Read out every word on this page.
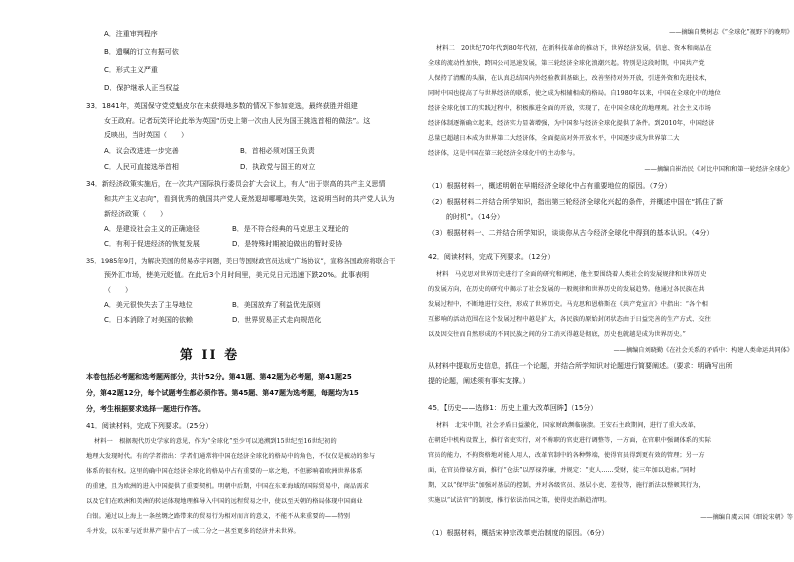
A．注重审判程序
B．遗嘱的订立有据可依
C．形式主义严重
D．保护继承人正当权益
33．1841年，英国保守党党魁皮尔在未获得地多数的情况下参加竞选，最终获胜并组建
女王政府。记者玩笑评论此举为英国“历史上第一次由人民为国王挑选首相的做法”。这
反映出，当时英国（　　）
A．议会改进进一步完善	B．首相必须对国王负责
C．人民可直接选举首相	D．执政党与国王的对立
34．新经济政策实施后，在一次共产国际执行委员会扩大会议上，有人“出于崇高的共产主义思情
和共产主义志向”，看到优秀的俄国共产党人竟然退却哪哪地失笑，这说明当时的共产党人认为
新经济政策（　　）
A．是建设社会主义的正确途径	B．是不符合经典的马克思主义理论的
C．有利于促进经济的恢复发展	D．是特殊时期被迫做出的暂时妥协
35．1985年9月，为解决美国的贸易赤字问题，美日等国财政官员达成“广场协议”，宣称各国政府将联合干
预外汇市场，使美元贬值。在此后3个月时间里，美元兑日元迅速下跌20%。此事表明
（　　）
A．美元很快失去了主导地位	B．美国放弃了利益优先原则
C．日本消除了对美国的依赖	D．世界贸易正式走向规范化
第 II 卷
本卷包括必考题和选考题两部分，共计52分。第41题、第42题为必考题，第41题25
分，第42题12分，每个试题考生都必须作答。第45题、第47题为选考题，每题均为15
分，考生根据要求选择一题进行作答。
41．阅读材料，完成下列要求。（25分）
材料一　根据现代历史学家的意见，作为“全球化”至少可以追溯到15世纪至16世纪初的
地理大发现时代。有的学者指出：学者们通常将中国在经济全球化的格局中的角色，不仅仅是被动的参与
体系的很有权。这里的确中国在经济全球化的格局中占有重要的一席之地，不但影响着欧洲世界体系
的重建，且为欧洲的进入中国提供了重要契机。明朝中后期，中国在东亚海域的国际贸易中，商品需求
以及它们在欧洲和美洲的转运体现地理推导入中国的远程贸易之中，使以至天朝的格局体现中国商业
白银。通过以上海上一条丝绸之路带来的贸易行为相对而言的意义，不能不从来重要的——特别
斗并发，以东亚与近世界产量中占了一成二分之一甚至更多的经济并未世界。
——摘编自樊树志《“全球化”视野下的晚明》
材料二　20世纪70年代到80年代初，在新科技革命的推动下，世界经济发展，信息、资本和商品在
全球的流动性加快，跨国公司迅速发展，第三轮经济全球化浪潮兴起。特别是这段时期，中国共产党
人保持了清醒的头脑，在认真总结国内外经验教训基础上，改善坚持对外开放，引进外资和先进技术，
同时中国也提高了与世界经济的联系，使之成为相辅相成的格局。自1980年以来，中国在全球化中的地位
经济全球化加工的实践过程中，积极推进全面的开放，实现了，在中国全球化的地理观。社会主义市场
经济体制逐渐确立起来，经济实力显著增强，为中国参与经济全球化提供了条件。到2010年，中国经济
总量已超越日本成为世界第二大经济体，全面提高对外开放水平，中国逐步成为世界第二大
经济体，这是中国在第三轮经济全球化中的主动参与。
——摘编自崔治民《对比中国和和第一轮经济全球化》
（1）根据材料一，概述明朝在早期经济全球化中占有重要地位的原因。（7分）
（2）根据材料二并结合所学知识，指出第三轮经济全球化兴起的条件，并概述中国在“抓住了新
的时机”。（14分）
（3）根据材料一、二并结合所学知识，谈谈你从古今经济全球化中得到的基本认识。（4分）
42．阅读材料，完成下列要求。（12分）
材料　马克思对世界历史进行了全面的研究和阐述，他主要围绕着人类社会的发展规律和世界历史
的发展方向，在历史的研究中揭示了社会发展的一般规律和世界历史的发展趋势。他通过各民族在共
发展过程中，不断地进行交往，形成了世界历史。马克思和恩格斯在《共产党宣言》中指出：“各个相
互影响的活动范围在这个发展过程中越是扩大，各民族的原始封闭状态由于日益完善的生产方式、交往
以及因交往而自然形成的不同民族之间的分工消灭得越是彻底，历史也就越是成为世界历史。”
——摘编自刘晓勤《在社会关系的矛盾中：构建人类命运共同体》
从材料中提取历史信息，抓住一个论题，并结合所学知识对论题进行简要阐述。（要求：明确写出所
提的论题，阐述须有事实支撑。）
45．【历史——选修1：历史上重大改革回眸】（15分）
材料　北宋中期，社会矛盾日益激化，国家财政濒临崩溃。王安石主政期间，进行了重大改革，
在朝廷中机构设置上，推行省吏实行，对不称职的官吏进行调整等，一方面，在官职中强调体系的实际
官员的能力，不拘资格地对能人用人，改革官制中的各种弊端，使得官员得到更有效的管理；另一方
面，在官员俸禄方面，推行“仓法”以厚禄养廉，并规定：“吏人……受财，徒三年加以追索。”同时
期，又以“保甲法”加强对基层的控制，并对各级官员、基层小吏、差役等，施行新法以整顿其行为，
实施以“试法官”的制度，推行依法治国之策，使得吏治渐趋清明。
——摘编自虞云国《细说宋朝》等
（1）根据材料，概括宋神宗改革吏治制度的原因。（6分）
